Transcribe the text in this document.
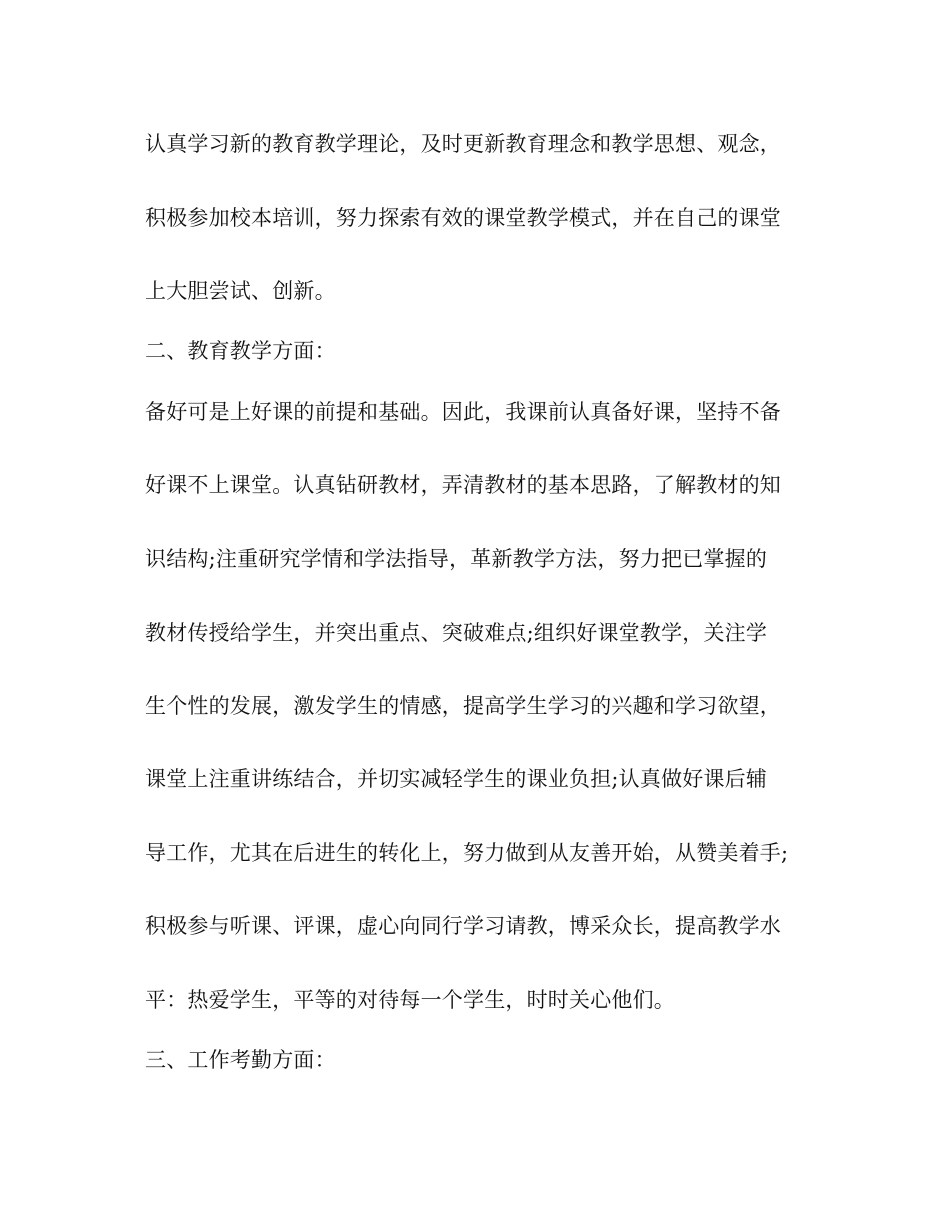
认真学习新的教育教学理论，及时更新教育理念和教学思想、观念，
积极参加校本培训，努力探索有效的课堂教学模式，并在自己的课堂
上大胆尝试、创新。
二、教育教学方面：
备好可是上好课的前提和基础。因此，我课前认真备好课，坚持不备
好课不上课堂。认真钻研教材，弄清教材的基本思路，了解教材的知
识结构;注重研究学情和学法指导，革新教学方法，努力把已掌握的
教材传授给学生，并突出重点、突破难点;组织好课堂教学，关注学
生个性的发展，激发学生的情感，提高学生学习的兴趣和学习欲望，
课堂上注重讲练结合，并切实减轻学生的课业负担;认真做好课后辅
导工作，尤其在后进生的转化上，努力做到从友善开始，从赞美着手;
积极参与听课、评课，虚心向同行学习请教，博采众长，提高教学水
平：热爱学生，平等的对待每一个学生，时时关心他们。
三、工作考勤方面：
